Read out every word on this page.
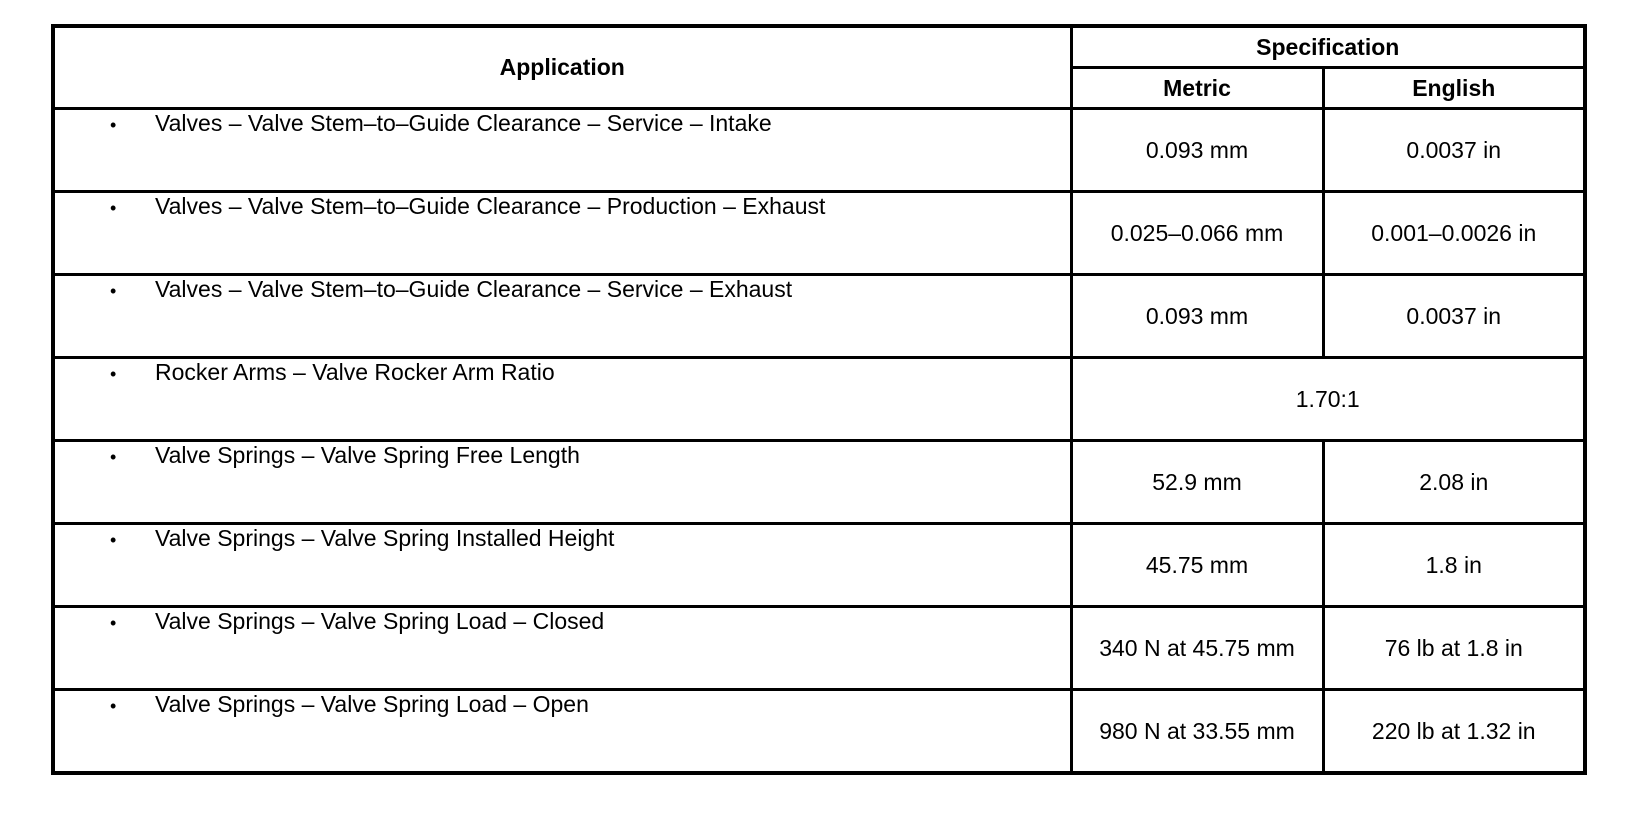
Application	Specification	
	Metric	English

• Valves – Valve Stem–to–Guide Clearance – Service – Intake	0.093 mm	0.0037 in

• Valves – Valve Stem–to–Guide Clearance – Production – Exhaust	0.025–0.066 mm	0.001–0.0026 in

• Valves – Valve Stem–to–Guide Clearance – Service – Exhaust	0.093 mm	0.0037 in

• Rocker Arms – Valve Rocker Arm Ratio	1.70:1	

• Valve Springs – Valve Spring Free Length	52.9 mm	2.08 in

• Valve Springs – Valve Spring Installed Height	45.75 mm	1.8 in

• Valve Springs – Valve Spring Load – Closed	340 N at 45.75 mm	76 lb at 1.8 in

• Valve Springs – Valve Spring Load – Open	980 N at 33.55 mm	220 lb at 1.32 in
